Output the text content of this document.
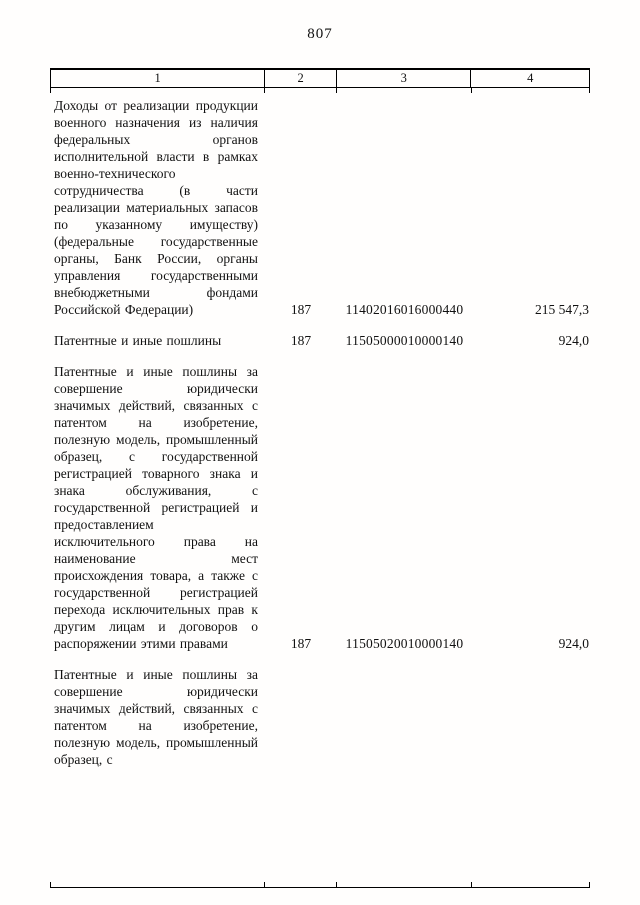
807
1	2	3	4
Доходы от реализации продукции военного назначения из наличия федеральных органов исполнительной власти в рамках военно-технического сотрудничества (в части реализации материальных запасов по указанному имуществу) (федеральные государственные органы, Банк России, органы управления государственными внебюджетными фондами Российской Федерации)	187	11402016016000440	215 547,3
Патентные и иные пошлины	187	11505000010000140	924,0
Патентные и иные пошлины за совершение юридически значимых действий, связанных с патентом на изобретение, полезную модель, промышленный образец, с государственной регистрацией товарного знака и знака обслуживания, с государственной регистрацией и предоставлением исключительного права на наименование мест происхождения товара, а также с государственной регистрацией перехода исключительных прав к другим лицам и договоров о распоряжении этими правами	187	11505020010000140	924,0
Патентные и иные пошлины за совершение юридически значимых действий, связанных с патентом на изобретение, полезную модель, промышленный образец, с
